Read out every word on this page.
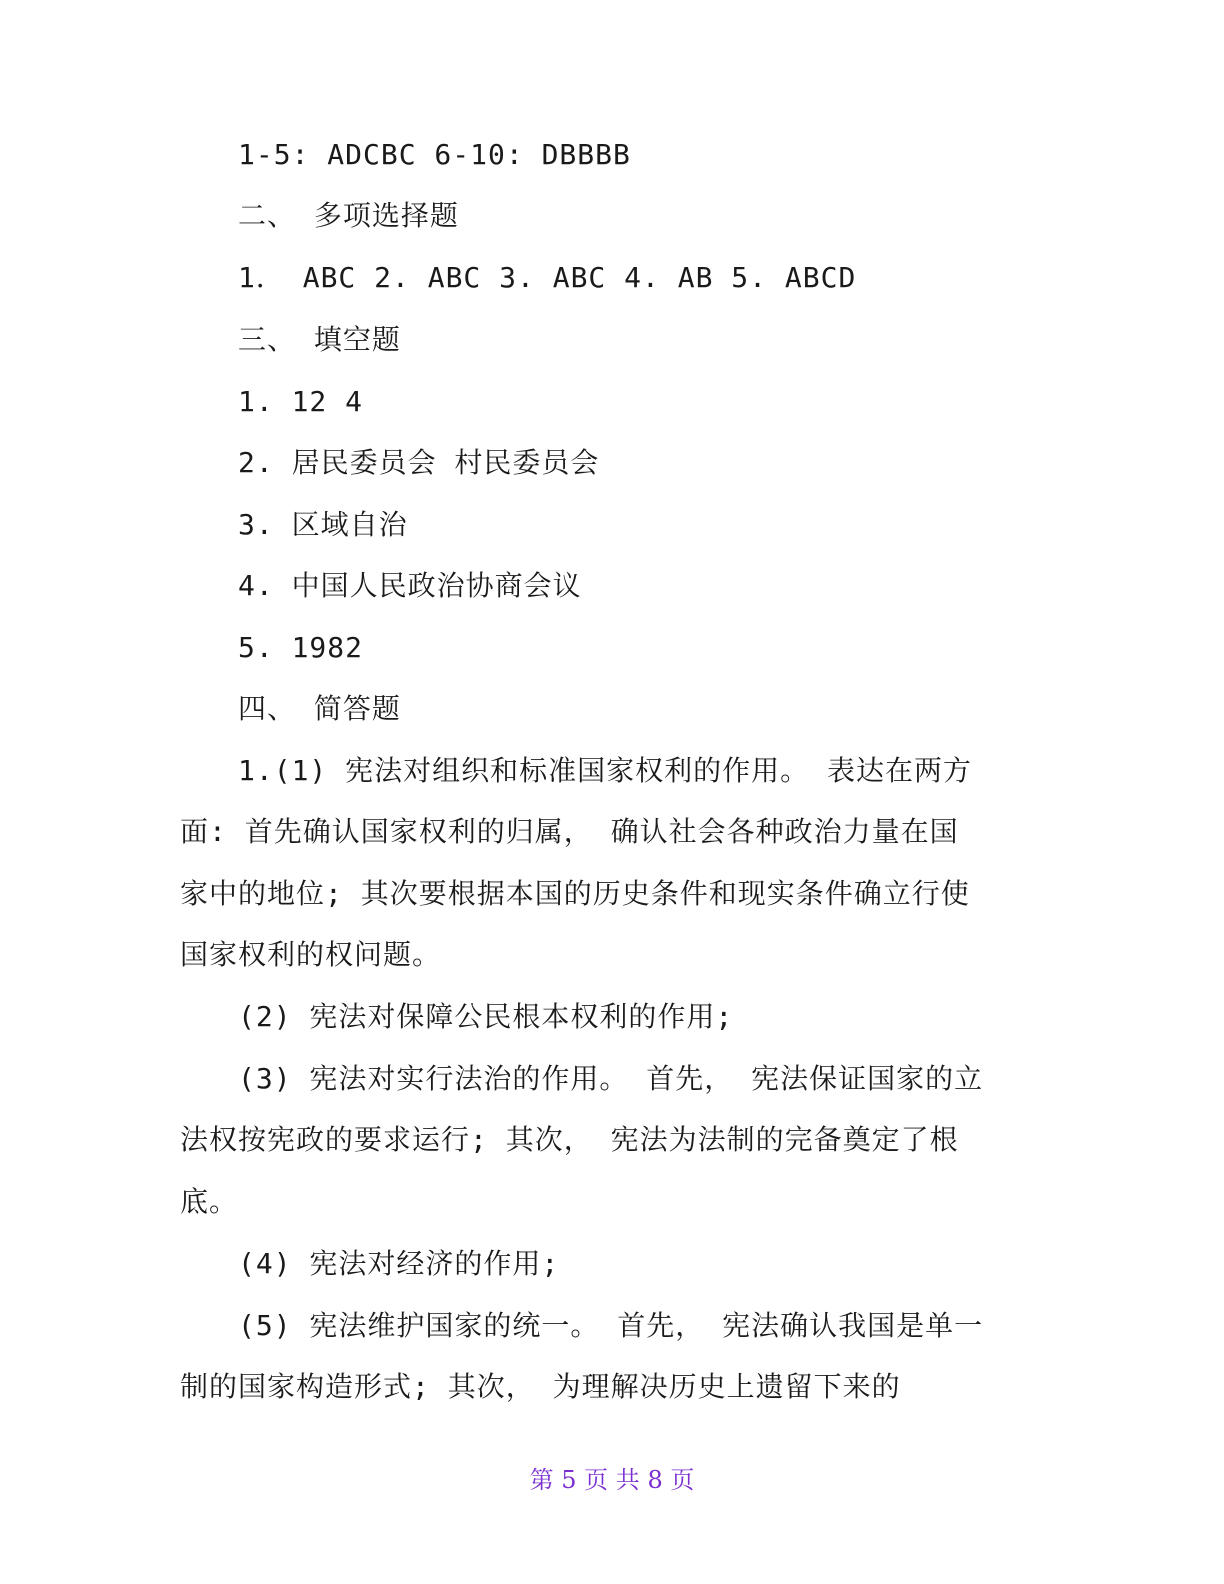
1-5: ADCBC 6-10: DBBBB
二、 多项选择题
1． ABC 2. ABC 3. ABC 4. AB 5. ABCD
三、 填空题
1. 12 4
2. 居民委员会 村民委员会
3. 区域自治
4. 中国人民政治协商会议
5. 1982
四、 简答题
1.(1) 宪法对组织和标准国家权利的作用。 表达在两方
面: 首先确认国家权利的归属， 确认社会各种政治力量在国
家中的地位; 其次要根据本国的历史条件和现实条件确立行使
国家权利的权问题。
(2) 宪法对保障公民根本权利的作用;
(3) 宪法对实行法治的作用。 首先， 宪法保证国家的立
法权按宪政的要求运行; 其次， 宪法为法制的完备奠定了根
底。
(4) 宪法对经济的作用;
(5) 宪法维护国家的统一。 首先， 宪法确认我国是单一
制的国家构造形式; 其次， 为理解决历史上遗留下来的
第 5 页 共 8 页
